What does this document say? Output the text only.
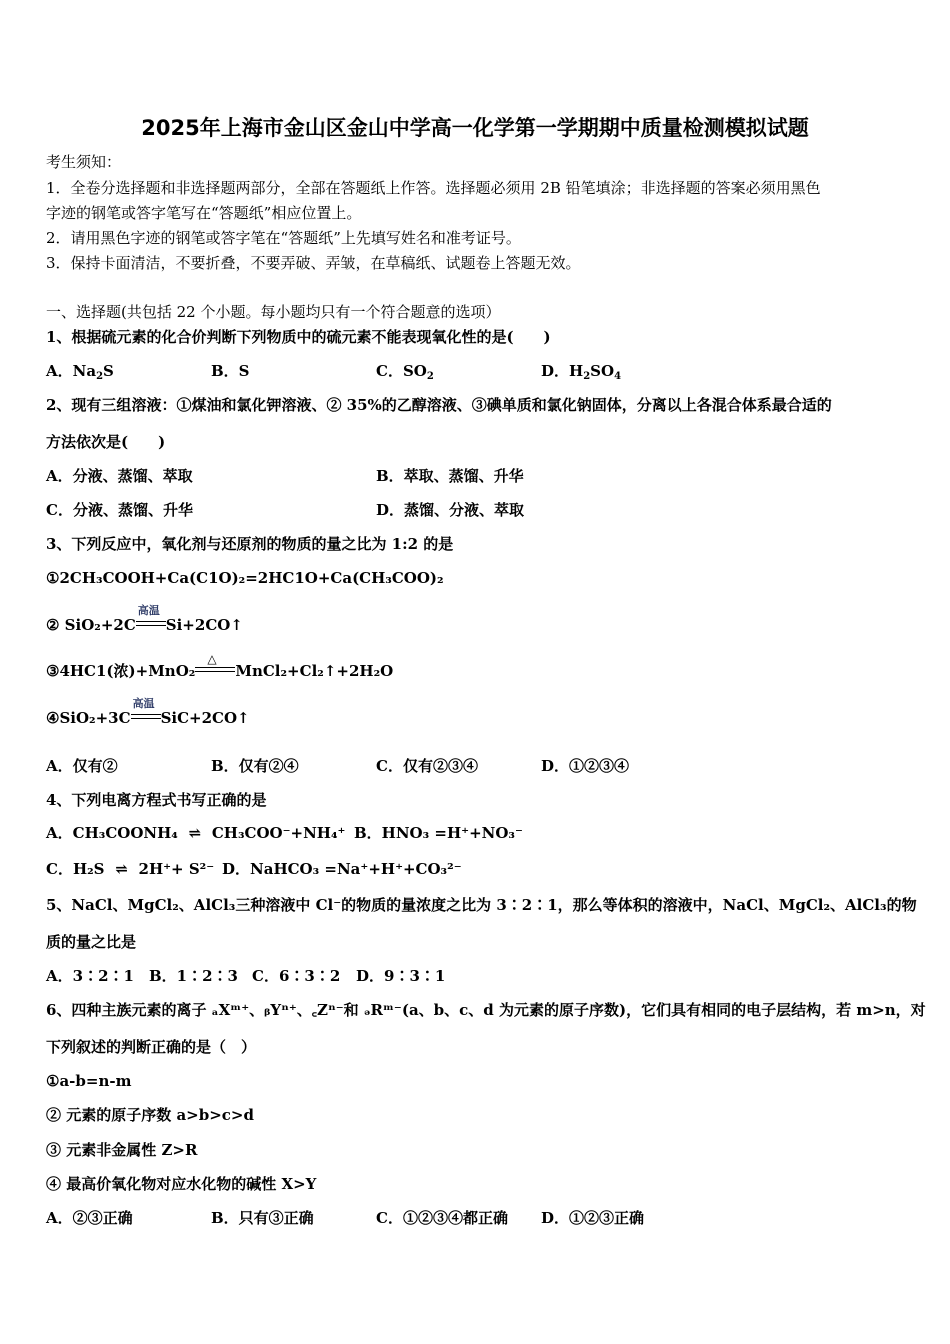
2025年上海市金山区金山中学高一化学第一学期期中质量检测模拟试题
考生须知：
1．全卷分选择题和非选择题两部分，全部在答题纸上作答。选择题必须用 2B 铅笔填涂；非选择题的答案必须用黑色
字迹的钢笔或答字笔写在“答题纸”相应位置上。
2．请用黑色字迹的钢笔或答字笔在“答题纸”上先填写姓名和准考证号。
3．保持卡面清洁，不要折叠，不要弄破、弄皱，在草稿纸、试题卷上答题无效。
一、选择题(共包括 22 个小题。每小题均只有一个符合题意的选项）
1、根据硫元素的化合价判断下列物质中的硫元素不能表现氧化性的是(　　)
A．$Na_2S$	B．S	C．$SO_2$	D．$H_2SO_4$
2、现有三组溶液：①煤油和氯化钾溶液、② 35%的乙醇溶液、③碘单质和氯化钠固体，分离以上各混合体系最合适的
方法依次是(　　)
A．分液、蒸馏、萃取	B．萃取、蒸馏、升华
C．分液、蒸馏、升华	D．蒸馏、分液、萃取
3、下列反应中，氧化剂与还原剂的物质的量之比为 1:2 的是
①2CH₃COOH+Ca(C1O)₂=2HC1O+Ca(CH₃COO)₂
② SiO₂+2C
高温
Si+2CO↑
③4HC1(浓)+MnO₂
△
MnCl₂+Cl₂↑+2H₂O
④SiO₂+3C
高温
SiC+2CO↑
A．仅有②	B．仅有②④	C．仅有②③④	D．①②③④
4、下列电离方程式书写正确的是
A．CH₃COONH₄ ⇌ CH₃COO⁻+NH₄⁺ B．HNO₃ =H⁺+NO₃⁻
C．H₂S ⇌ 2H⁺+ S²⁻ D．NaHCO₃ =Na⁺+H⁺+CO₃²⁻
5、NaCl、MgCl₂、AlCl₃三种溶液中 Cl⁻的物质的量浓度之比为 3∶2∶1，那么等体积的溶液中，NaCl、MgCl₂、AlCl₃的物
质的量之比是
A．3∶2∶1 B．1∶2∶3 C．6∶3∶2 D．9∶3∶1
6、四种主族元素的离子 ₐXᵐ⁺、ᵦYⁿ⁺、꜀Zⁿ⁻和 ₔRᵐ⁻(a、b、c、d 为元素的原子序数)，它们具有相同的电子层结构，若 m>n，对
下列叙述的判断正确的是（　）
①a-b=n-m
② 元素的原子序数 a>b>c>d
③ 元素非金属性 Z>R
④ 最高价氧化物对应水化物的碱性 X>Y
A．②③正确	B．只有③正确	C．①②③④都正确 D．①②③正确
